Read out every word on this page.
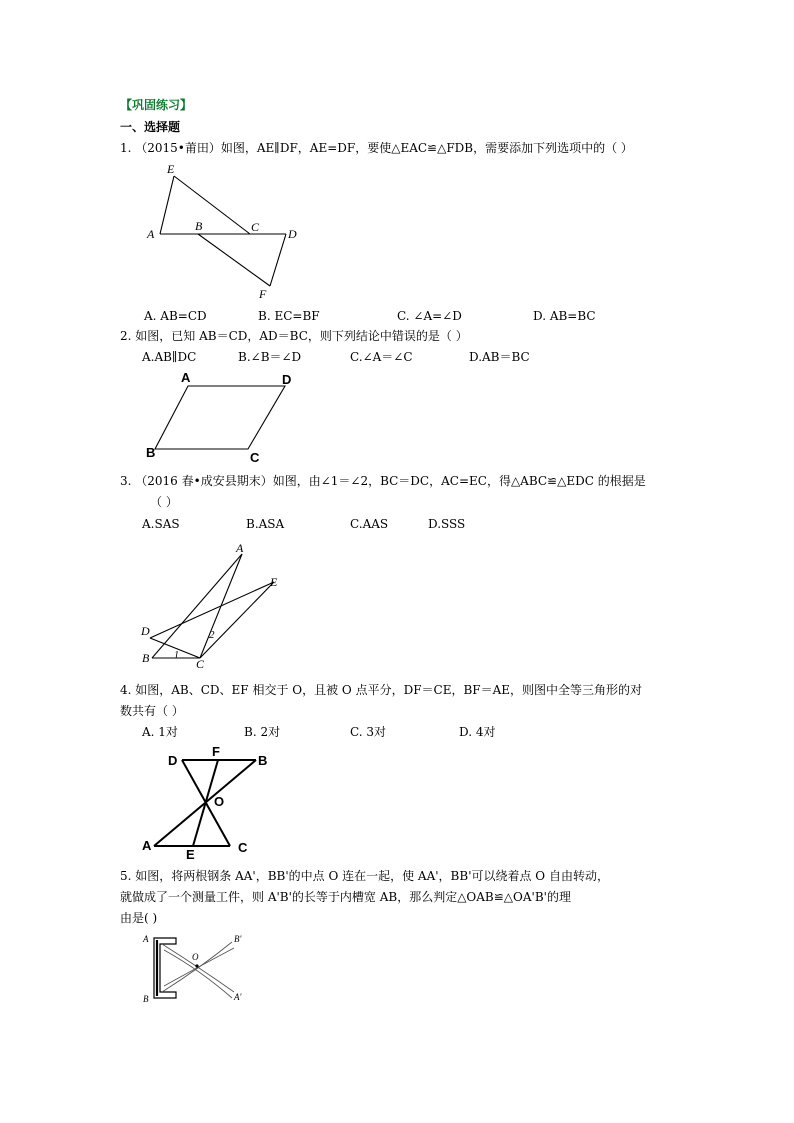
【巩固练习】
一、选择题
1. （2015•莆田）如图，AE∥DF，AE=DF，要使△EAC≌△FDB，需要添加下列选项中的（ ）
E
A
B	C D
F
A. AB=CD	B. EC=BF	C. ∠A=∠D	D. AB=BC
2. 如图，已知 AB＝CD，AD＝BC，则下列结论中错误的是（ ）
A.AB∥DC	B.∠B＝∠D	C.∠A＝∠C	D.AB＝BC
A	D
B	C
3. （2016 春•成安县期末）如图，由∠1＝∠2，BC＝DC，AC=EC，得△ABC≌△EDC 的根据是
（ ）
A.SAS	B.ASA	C.AAS	D.SSS
A
E
D	2
B 1
C
4. 如图，AB、CD、EF 相交于 O，且被 O 点平分，DF＝CE，BF＝AE，则图中全等三角形的对
数共有（ ）
A. 1对	B. 2对	C. 3对	D. 4对
F
D	B
O
A
E	C
5. 如图，将两根钢条 AA'，BB'的中点 O 连在一起，使 AA'，BB'可以绕着点 O 自由转动，
就做成了一个测量工件，则 A'B'的长等于内槽宽 AB，那么判定△OAB≌△OA'B'的理
由是( )
A	B'
O
B	A'
